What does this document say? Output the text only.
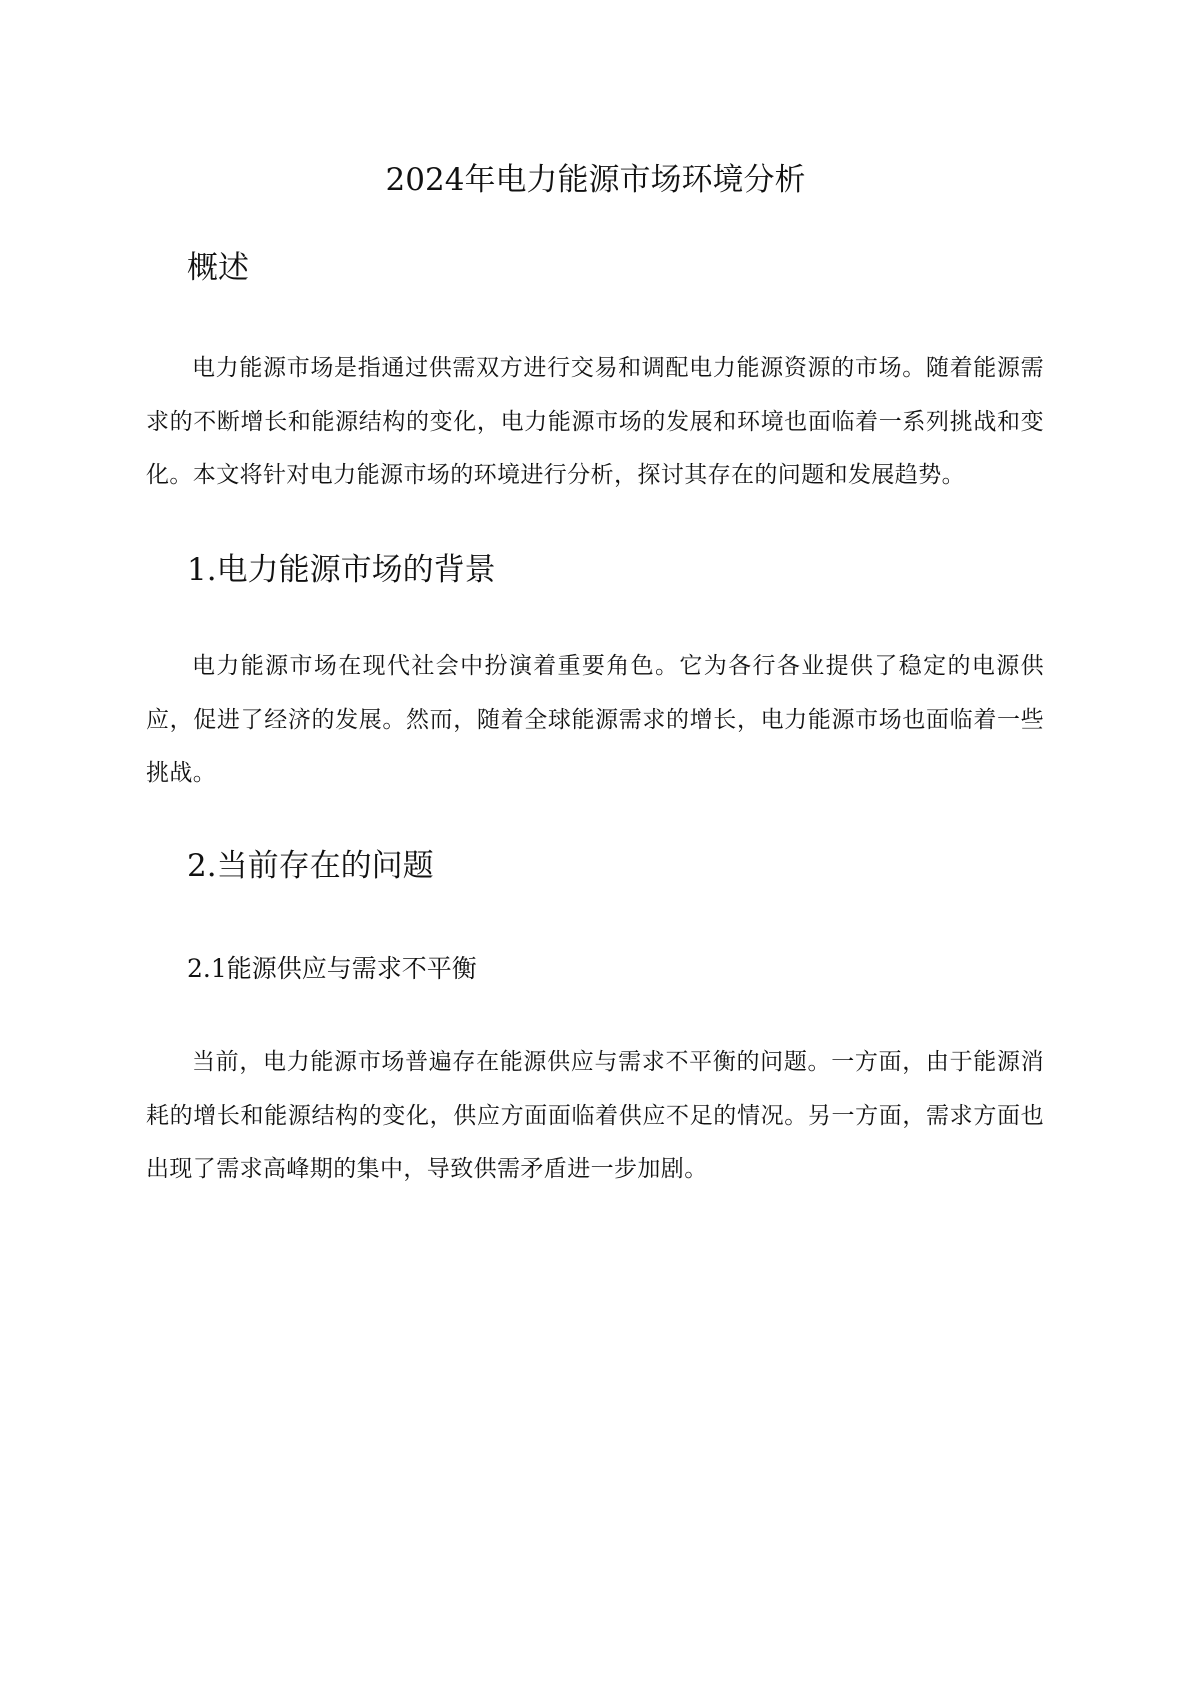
2024年电力能源市场环境分析
概述

电力能源市场是指通过供需双方进行交易和调配电力能源资源的市场。随着能源需求的不断增长和能源结构的变化，电力能源市场的发展和环境也面临着一系列挑战和变化。本文将针对电力能源市场的环境进行分析，探讨其存在的问题和发展趋势。

1.电力能源市场的背景

电力能源市场在现代社会中扮演着重要角色。它为各行各业提供了稳定的电源供应，促进了经济的发展。然而，随着全球能源需求的增长，电力能源市场也面临着一些挑战。

2.当前存在的问题
2.1能源供应与需求不平衡

当前，电力能源市场普遍存在能源供应与需求不平衡的问题。一方面，由于能源消耗的增长和能源结构的变化，供应方面面临着供应不足的情况。另一方面，需求方面也出现了需求高峰期的集中，导致供需矛盾进一步加剧。
